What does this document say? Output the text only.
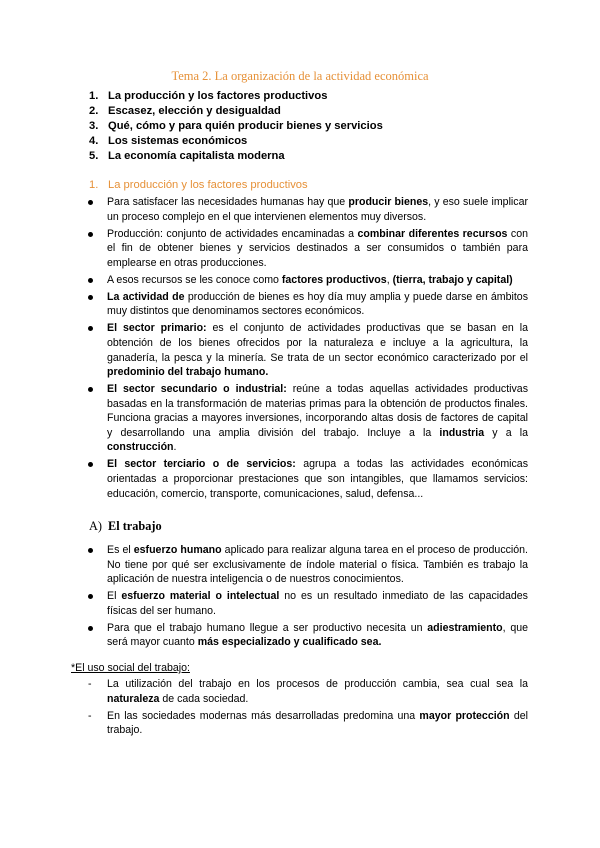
Tema 2. La organización de la actividad económica
1. La producción y los factores productivos
2. Escasez, elección y desigualdad
3. Qué, cómo y para quién producir bienes y servicios
4. Los sistemas económicos
5. La economía capitalista moderna
1. La producción y los factores productivos
Para satisfacer las necesidades humanas hay que producir bienes, y eso suele implicar un proceso complejo en el que intervienen elementos muy diversos.
Producción: conjunto de actividades encaminadas a combinar diferentes recursos con el fin de obtener bienes y servicios destinados a ser consumidos o también para emplearse en otras producciones.
A esos recursos se les conoce como factores productivos, (tierra, trabajo y capital)
La actividad de producción de bienes es hoy día muy amplia y puede darse en ámbitos muy distintos que denominamos sectores económicos.
El sector primario: es el conjunto de actividades productivas que se basan en la obtención de los bienes ofrecidos por la naturaleza e incluye a la agricultura, la ganadería, la pesca y la minería. Se trata de un sector económico caracterizado por el predominio del trabajo humano.
El sector secundario o industrial: reúne a todas aquellas actividades productivas basadas en la transformación de materias primas para la obtención de productos finales. Funciona gracias a mayores inversiones, incorporando altas dosis de factores de capital y desarrollando una amplia división del trabajo. Incluye a la industria y a la construcción.
El sector terciario o de servicios: agrupa a todas las actividades económicas orientadas a proporcionar prestaciones que son intangibles, que llamamos servicios: educación, comercio, transporte, comunicaciones, salud, defensa...
A) El trabajo
Es el esfuerzo humano aplicado para realizar alguna tarea en el proceso de producción. No tiene por qué ser exclusivamente de índole material o física. También es trabajo la aplicación de nuestra inteligencia o de nuestros conocimientos.
El esfuerzo material o intelectual no es un resultado inmediato de las capacidades físicas del ser humano.
Para que el trabajo humano llegue a ser productivo necesita un adiestramiento, que será mayor cuanto más especializado y cualificado sea.
*El uso social del trabajo:
- La utilización del trabajo en los procesos de producción cambia, sea cual sea la naturaleza de cada sociedad.
- En las sociedades modernas más desarrolladas predomina una mayor protección del trabajo.
